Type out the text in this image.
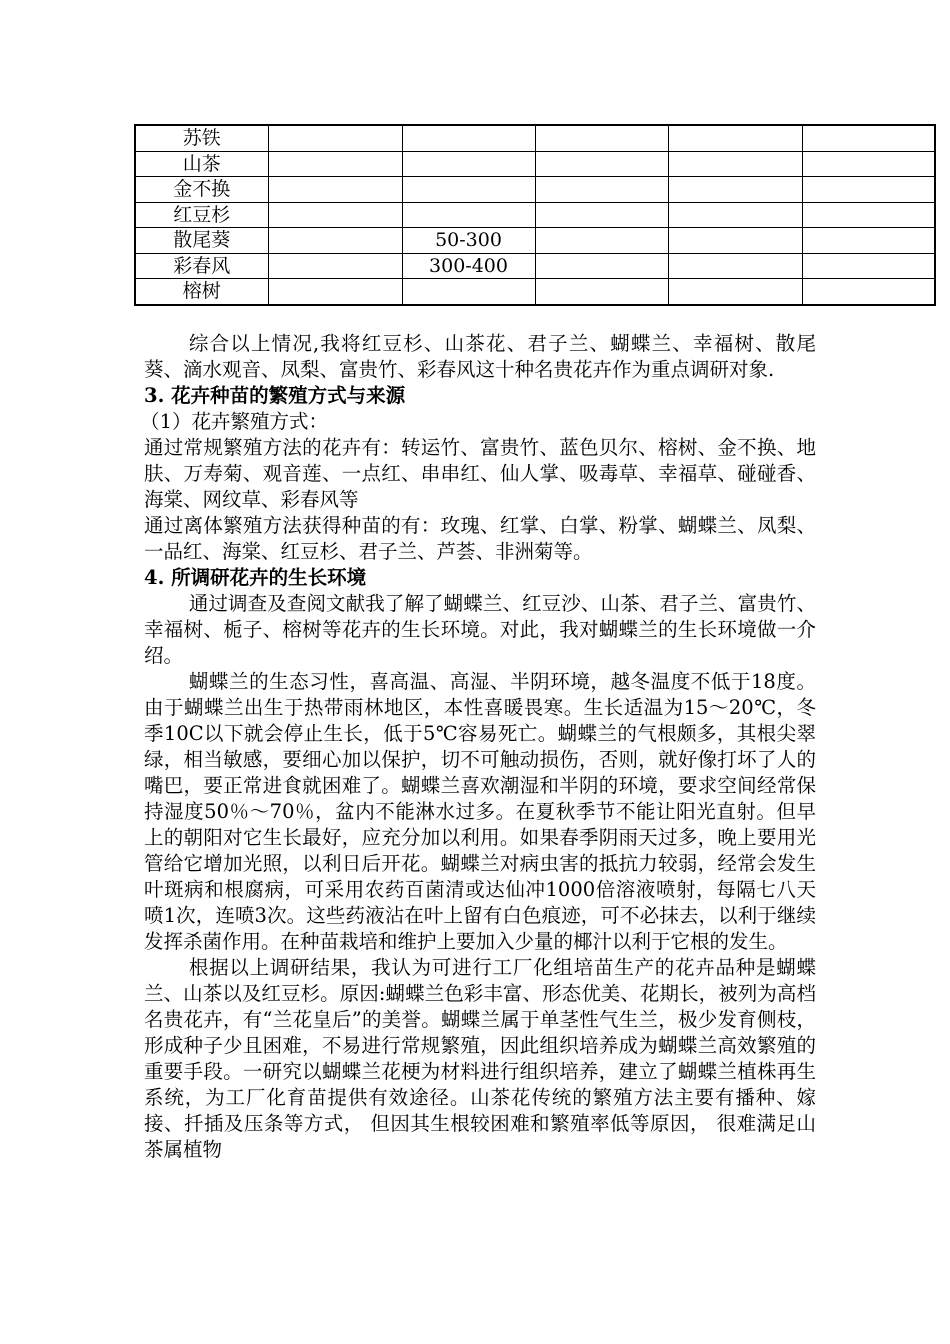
苏铁					
山茶					
金不换					
红豆杉					
散尾葵		50-300			
彩春风		300-400			
榕树					

综合以上情况,我将红豆杉、山茶花、君子兰、蝴蝶兰、幸福树、散尾葵、滴水观音、凤梨、富贵竹、彩春风这十种名贵花卉作为重点调研对象.

3. 花卉种苗的繁殖方式与来源

（1）花卉繁殖方式：

通过常规繁殖方法的花卉有：转运竹、富贵竹、蓝色贝尔、榕树、金不换、地肤、万寿菊、观音莲、一点红、串串红、仙人掌、吸毒草、幸福草、碰碰香、海棠、网纹草、彩春风等

通过离体繁殖方法获得种苗的有：玫瑰、红掌、白掌、粉掌、蝴蝶兰、凤梨、一品红、海棠、红豆杉、君子兰、芦荟、非洲菊等。

4. 所调研花卉的生长环境

通过调查及查阅文献我了解了蝴蝶兰、红豆沙、山茶、君子兰、富贵竹、幸福树、栀子、榕树等花卉的生长环境。对此，我对蝴蝶兰的生长环境做一介绍。

蝴蝶兰的生态习性，喜高温、高湿、半阴环境，越冬温度不低于18度。由于蝴蝶兰出生于热带雨林地区，本性喜暖畏寒。生长适温为15～20℃，冬季10C以下就会停止生长，低于5℃容易死亡。蝴蝶兰的气根颇多，其根尖翠绿，相当敏感，要细心加以保护，切不可触动损伤，否则，就好像打坏了人的嘴巴，要正常进食就困难了。蝴蝶兰喜欢潮湿和半阴的环境，要求空间经常保持湿度50％～70％，盆内不能淋水过多。在夏秋季节不能让阳光直射。但早上的朝阳对它生长最好，应充分加以利用。如果春季阴雨天过多，晚上要用光管给它增加光照，以利日后开花。蝴蝶兰对病虫害的抵抗力较弱，经常会发生叶斑病和根腐病，可采用农药百菌清或达仙冲1000倍溶液喷射，每隔七八天喷1次，连喷3次。这些药液沾在叶上留有白色痕迹，可不必抹去，以利于继续发挥杀菌作用。在种苗栽培和维护上要加入少量的椰汁以利于它根的发生。

根据以上调研结果，我认为可进行工厂化组培苗生产的花卉品种是蝴蝶兰、山茶以及红豆杉。原因:蝴蝶兰色彩丰富、形态优美、花期长，被列为高档名贵花卉，有“兰花皇后”的美誉。蝴蝶兰属于单茎性气生兰，极少发育侧枝，形成种子少且困难，不易进行常规繁殖，因此组织培养成为蝴蝶兰高效繁殖的重要手段。一研究以蝴蝶兰花梗为材料进行组织培养，建立了蝴蝶兰植株再生系统，为工厂化育苗提供有效途径。山茶花传统的繁殖方法主要有播种、嫁接、扦插及压条等方式， 但因其生根较困难和繁殖率低等原因， 很难满足山茶属植物
